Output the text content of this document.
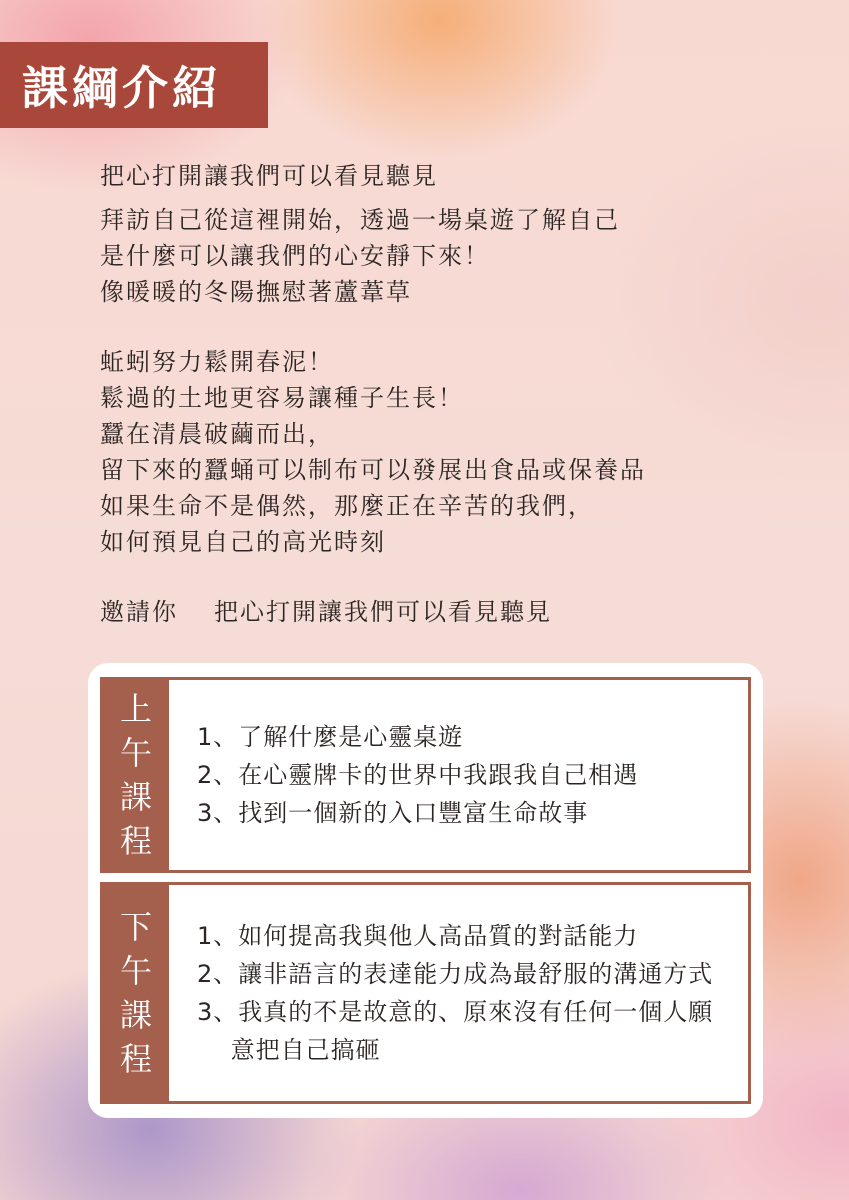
課綱介紹

把心打開讓我們可以看見聽見

拜訪自己從這裡開始，透過一場桌遊了解自己

是什麼可以讓我們的心安靜下來！

像暖暖的冬陽撫慰著蘆葦草

蚯蚓努力鬆開春泥！

鬆過的土地更容易讓種子生長！

蠶在清晨破繭而出，

留下來的蠶蛹可以制布可以發展出食品或保養品

如果生命不是偶然，那麼正在辛苦的我們，

如何預見自己的高光時刻

邀請你 把心打開讓我們可以看見聽見

上
午
課
程
1、 了解什麼是心靈桌遊
2、 在心靈牌卡的世界中我跟我自己相遇
3、 找到一個新的入口豐富生命故事
下
午
課
程
1、 如何提高我與他人高品質的對話能力
2、 讓非語言的表達能力成為最舒服的溝通方式
3、 我真的不是故意的、原來沒有任何一個人願

意把自己搞砸
